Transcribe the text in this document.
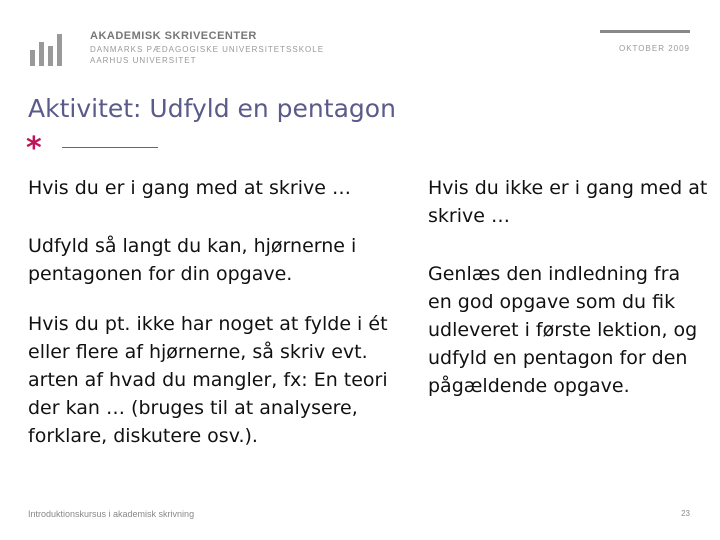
AKADEMISK SKRIVECENTER
DANMARKS PÆDAGOGISKE UNIVERSITETSSKOLE
AARHUS UNIVERSITET
OKTOBER 2009
Aktivitet: Udfyld en pentagon
*

Hvis du er i gang med at skrive …

Udfyld så langt du kan, hjørnerne i pentagonen for din opgave.

Hvis du pt. ikke har noget at fylde i ét eller flere af hjørnerne, så skriv evt. arten af hvad du mangler, fx: En teori der kan … (bruges til at analysere, forklare, diskutere osv.).

Hvis du ikke er i gang med at skrive …

Genlæs den indledning fra en god opgave som du fik udleveret i første lektion, og udfyld en pentagon for den pågældende opgave.

Introduktionskursus i akademisk skrivning	23
